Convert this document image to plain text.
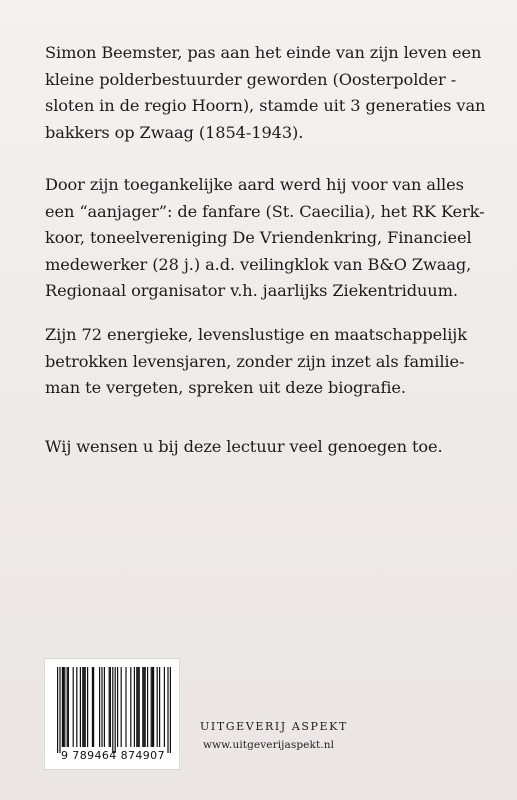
Simon Beemster, pas aan het einde van zijn leven een
kleine polderbestuurder geworden (Oosterpolder -
sloten in de regio Hoorn), stamde uit 3 generaties van
bakkers op Zwaag (1854-1943).

Door zijn toegankelijke aard werd hij voor van alles
een “aanjager”: de fanfare (St. Caecilia), het RK Kerk-
koor, toneelvereniging De Vriendenkring, Financieel
medewerker (28 j.) a.d. veilingklok van B&O Zwaag,
Regionaal organisator v.h. jaarlijks Ziekentriduum.

Zijn 72 energieke, levenslustige en maatschappelijk
betrokken levensjaren, zonder zijn inzet als familie-
man te vergeten, spreken uit deze biografie.

Wij wensen u bij deze lectuur veel genoegen toe.

9 789464 874907
UITGEVERIJ ASPEKT
www.uitgeverijaspekt.nl
